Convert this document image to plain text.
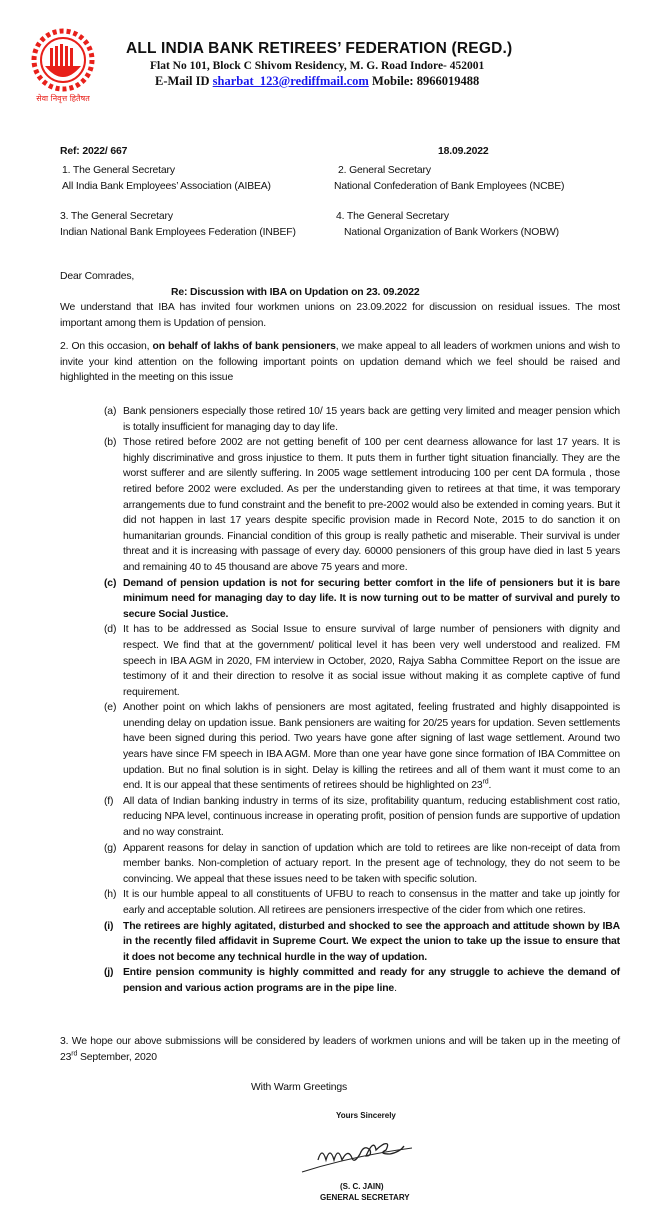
सेवा निवृत्त हितैषत
ALL INDIA BANK RETIREES’ FEDERATION (REGD.)
Flat No 101, Block C Shivom Residency, M. G. Road Indore- 452001
E-Mail ID sharbat_123@rediffmail.com Mobile: 8966019488
Ref: 2022/ 667	18.09.2022
1. The General Secretary
All India Bank Employees’ Association (AIBEA)
2. General Secretary
National Confederation of Bank Employees (NCBE)
3. The General Secretary
Indian National Bank Employees Federation (INBEF)
4. The General Secretary
National Organization of Bank Workers (NOBW)
Dear Comrades,
Re: Discussion with IBA on Updation on 23. 09.2022
We understand that IBA has invited four workmen unions on 23.09.2022 for discussion on residual issues. The most important among them is Updation of pension.
2. On this occasion, on behalf of lakhs of bank pensioners, we make appeal to all leaders of workmen unions and wish to invite your kind attention on the following important points on updation demand which we feel should be raised and highlighted in the meeting on this issue
(a) Bank pensioners especially those retired 10/ 15 years back are getting very limited and meager pension which is totally insufficient for managing day to day life.
(b) Those retired before 2002 are not getting benefit of 100 per cent dearness allowance for last 17 years. It is highly discriminative and gross injustice to them. It puts them in further tight situation financially. They are the worst sufferer and are silently suffering. In 2005 wage settlement introducing 100 per cent DA formula , those retired before 2002 were excluded. As per the understanding given to retirees at that time, it was temporary arrangements due to fund constraint and the benefit to pre-2002 would also be extended in coming years. But it did not happen in last 17 years despite specific provision made in Record Note, 2015 to do sanction it on humanitarian grounds. Financial condition of this group is really pathetic and miserable. Their survival is under threat and it is increasing with passage of every day. 60000 pensioners of this group have died in last 5 years and remaining 40 to 45 thousand are above 75 years and more.
(c) Demand of pension updation is not for securing better comfort in the life of pensioners but it is bare minimum need for managing day to day life. It is now turning out to be matter of survival and purely to secure Social Justice.
(d) It has to be addressed as Social Issue to ensure survival of large number of pensioners with dignity and respect. We find that at the government/ political level it has been very well understood and realized. FM speech in IBA AGM in 2020, FM interview in October, 2020, Rajya Sabha Committee Report on the issue are testimony of it and their direction to resolve it as social issue without making it as complete captive of fund requirement.
(e) Another point on which lakhs of pensioners are most agitated, feeling frustrated and highly disappointed is unending delay on updation issue. Bank pensioners are waiting for 20/25 years for updation. Seven settlements have been signed during this period. Two years have gone after signing of last wage settlement. Around two years have since FM speech in IBA AGM. More than one year have gone since formation of IBA Committee on updation. But no final solution is in sight. Delay is killing the retirees and all of them want it must come to an end. It is our appeal that these sentiments of retirees should be highlighted on 23rd.
(f) All data of Indian banking industry in terms of its size, profitability quantum, reducing establishment cost ratio, reducing NPA level, continuous increase in operating profit, position of pension funds are supportive of updation and no way constraint.
(g) Apparent reasons for delay in sanction of updation which are told to retirees are like non-receipt of data from member banks. Non-completion of actuary report. In the present age of technology, they do not seem to be convincing. We appeal that these issues need to be taken with specific solution.
(h) It is our humble appeal to all constituents of UFBU to reach to consensus in the matter and take up jointly for early and acceptable solution. All retirees are pensioners irrespective of the cider from which one retires.
(i) The retirees are highly agitated, disturbed and shocked to see the approach and attitude shown by IBA in the recently filed affidavit in Supreme Court. We expect the union to take up the issue to ensure that it does not become any technical hurdle in the way of updation.
(j) Entire pension community is highly committed and ready for any struggle to achieve the demand of pension and various action programs are in the pipe line.
3. We hope our above submissions will be considered by leaders of workmen unions and will be taken up in the meeting of 23rd September, 2020
With Warm Greetings
Yours Sincerely
(S. C. JAIN)
GENERAL SECRETARY
